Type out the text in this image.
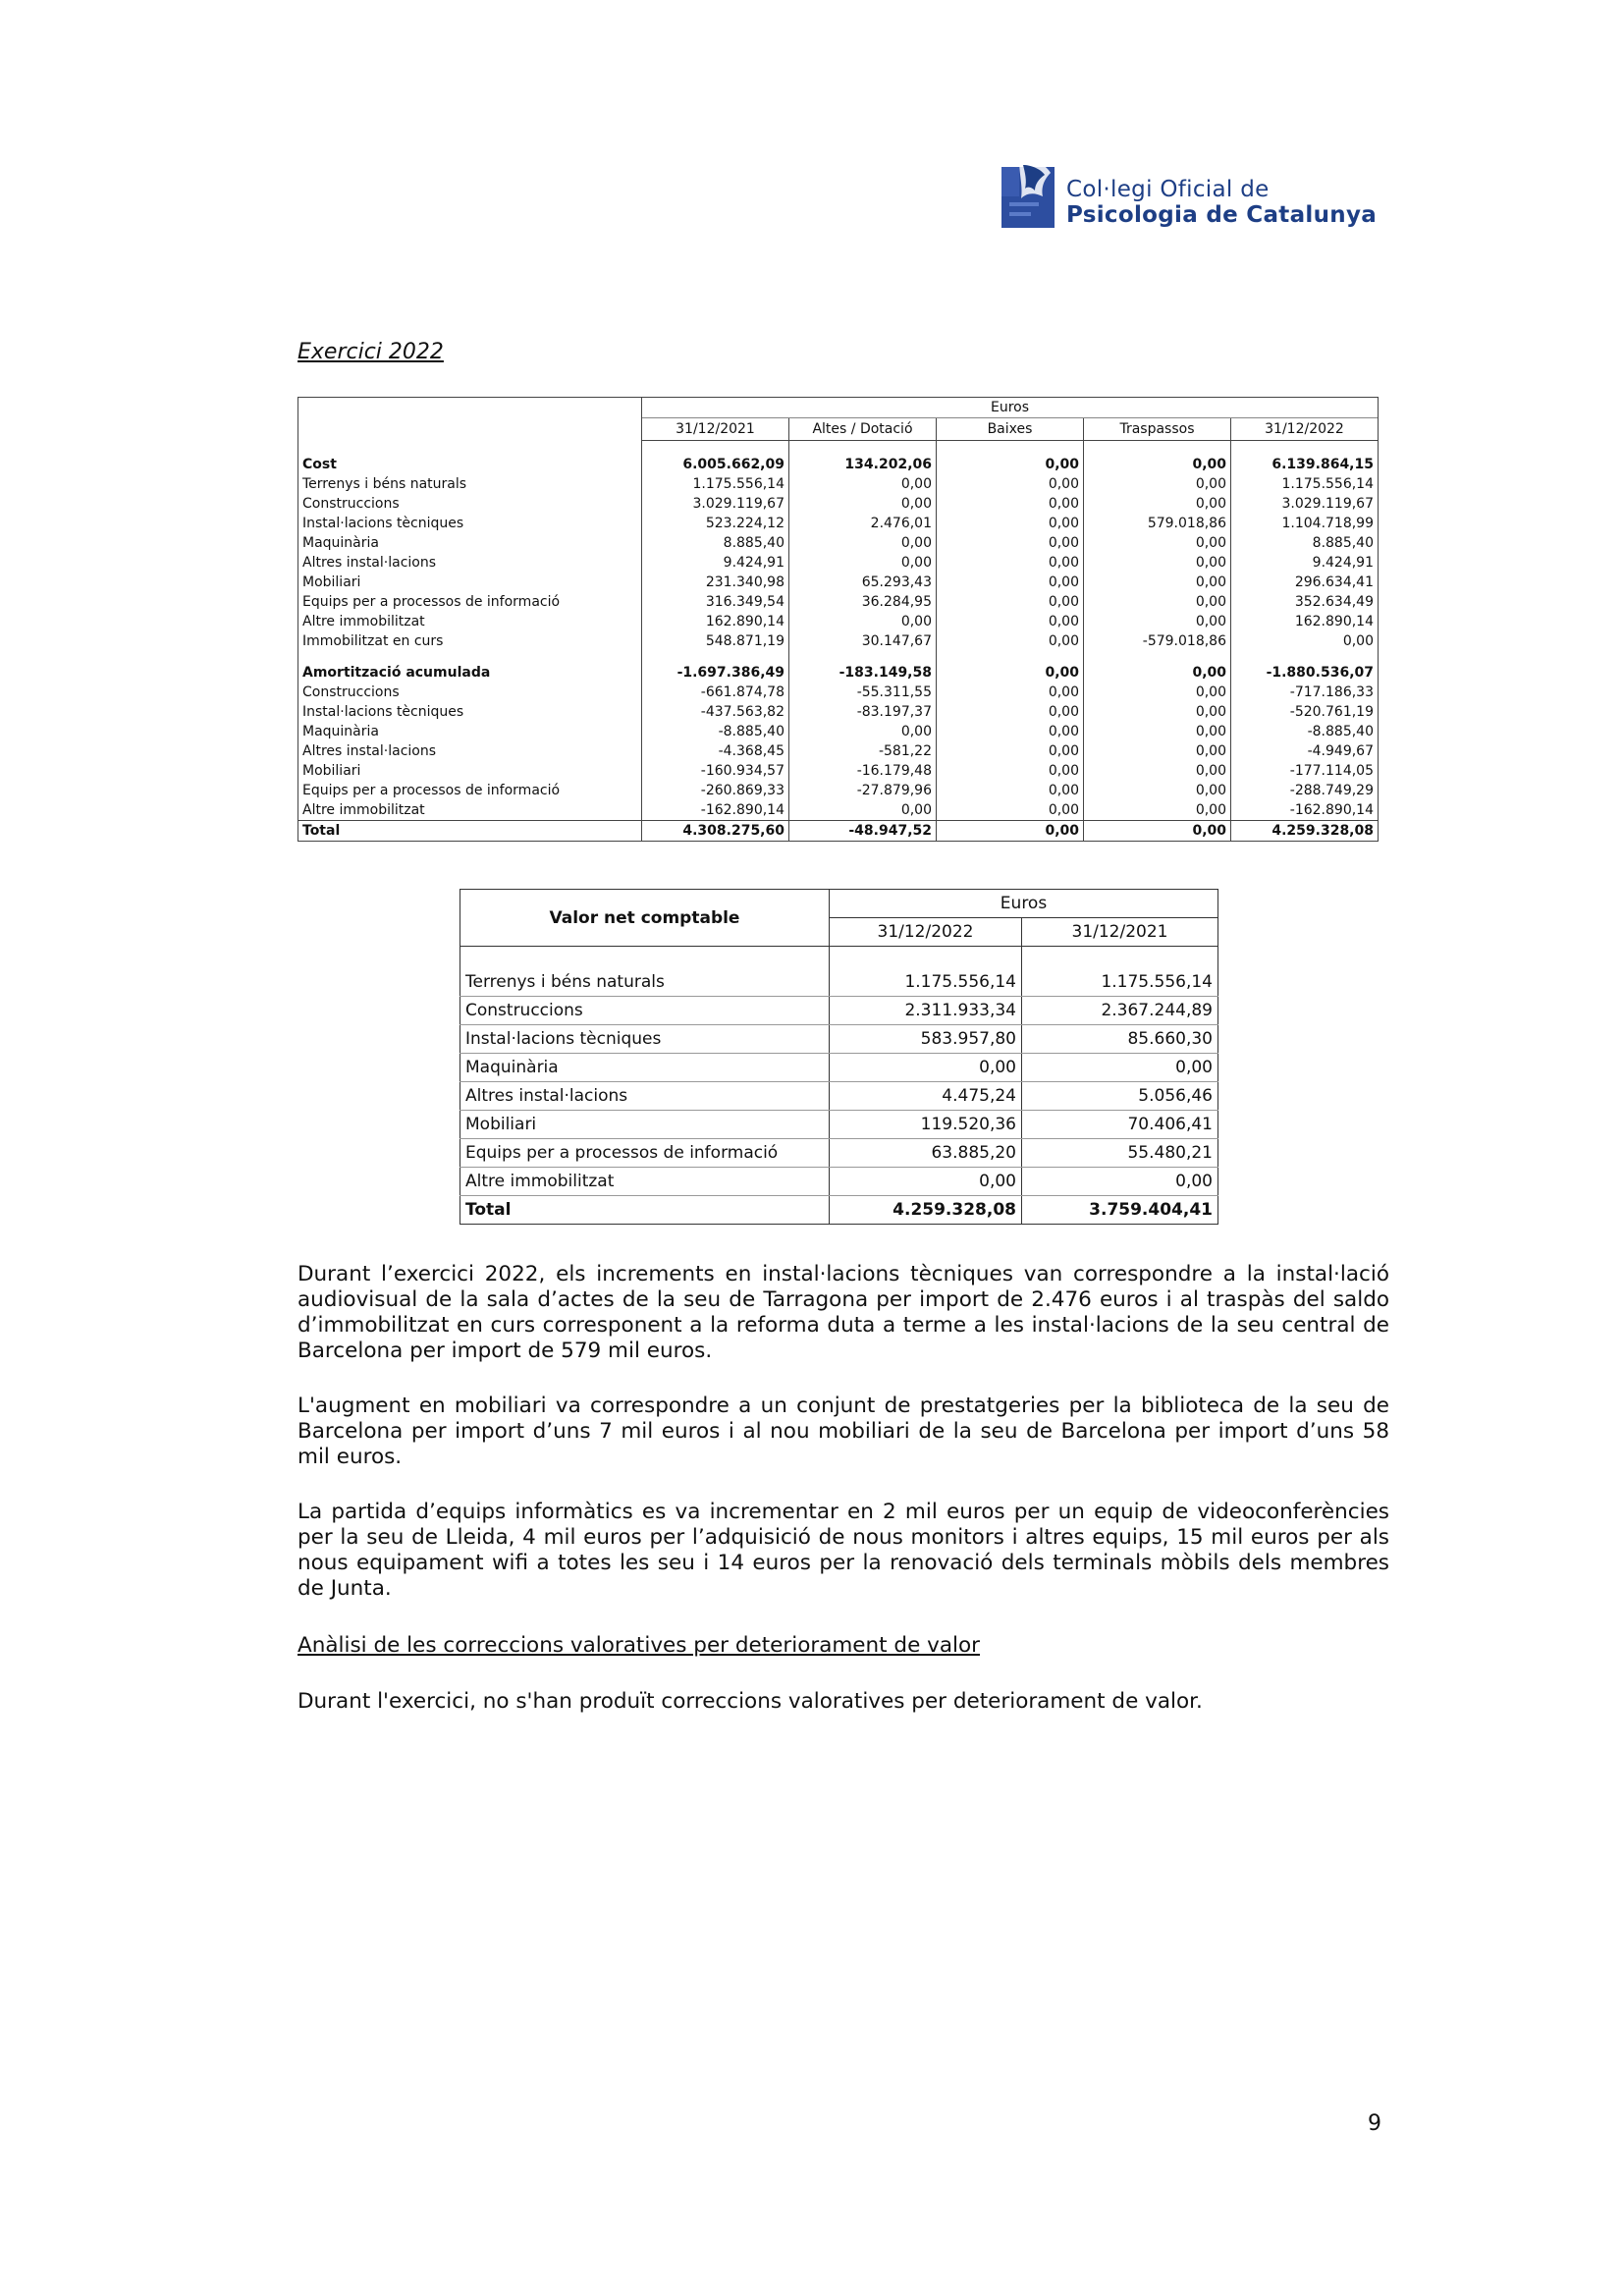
Col·legi Oficial de
Psicologia de Catalunya
Exercici 2022
	Euros				
	31/12/2021	Altes / Dotació	Baixes	Traspassos	31/12/2022

Cost	6.005.662,09	134.202,06	0,00	0,00	6.139.864,15
Terrenys i béns naturals	1.175.556,14	0,00	0,00	0,00	1.175.556,14
Construccions	3.029.119,67	0,00	0,00	0,00	3.029.119,67
Instal·lacions tècniques	523.224,12	2.476,01	0,00	579.018,86	1.104.718,99
Maquinària	8.885,40	0,00	0,00	0,00	8.885,40
Altres instal·lacions	9.424,91	0,00	0,00	0,00	9.424,91
Mobiliari	231.340,98	65.293,43	0,00	0,00	296.634,41
Equips per a processos de informació	316.349,54	36.284,95	0,00	0,00	352.634,49
Altre immobilitzat	162.890,14	0,00	0,00	0,00	162.890,14
Immobilitzat en curs	548.871,19	30.147,67	0,00	-579.018,86	0,00

Amortització acumulada	-1.697.386,49	-183.149,58	0,00	0,00	-1.880.536,07
Construccions	-661.874,78	-55.311,55	0,00	0,00	-717.186,33
Instal·lacions tècniques	-437.563,82	-83.197,37	0,00	0,00	-520.761,19
Maquinària	-8.885,40	0,00	0,00	0,00	-8.885,40
Altres instal·lacions	-4.368,45	-581,22	0,00	0,00	-4.949,67
Mobiliari	-160.934,57	-16.179,48	0,00	0,00	-177.114,05
Equips per a processos de informació	-260.869,33	-27.879,96	0,00	0,00	-288.749,29
Altre immobilitzat	-162.890,14	0,00	0,00	0,00	-162.890,14
Total	4.308.275,60	-48.947,52	0,00	0,00	4.259.328,08
Valor net comptable	Euros	
	31/12/2022	31/12/2021

Terrenys i béns naturals	1.175.556,14	1.175.556,14
Construccions	2.311.933,34	2.367.244,89
Instal·lacions tècniques	583.957,80	85.660,30
Maquinària	0,00	0,00
Altres instal·lacions	4.475,24	5.056,46
Mobiliari	119.520,36	70.406,41
Equips per a processos de informació	63.885,20	55.480,21
Altre immobilitzat	0,00	0,00
Total	4.259.328,08	3.759.404,41
Durant l’exercici 2022, els increments en instal·lacions tècniques van correspondre a la instal·lació audiovisual de la sala d’actes de la seu de Tarragona per import de 2.476 euros i al traspàs del saldo d’immobilitzat en curs corresponent a la reforma duta a terme a les instal·lacions de la seu central de Barcelona per import de 579 mil euros.
L'augment en mobiliari va correspondre a un conjunt de prestatgeries per la biblioteca de la seu de Barcelona per import d’uns 7 mil euros i al nou mobiliari de la seu de Barcelona per import d’uns 58 mil euros.
La partida d’equips informàtics es va incrementar en 2 mil euros per un equip de videoconferències per la seu de Lleida, 4 mil euros per l’adquisició de nous monitors i altres equips, 15 mil euros per als nous equipament wifi a totes les seu i 14 euros per la renovació dels terminals mòbils dels membres de Junta.
Anàlisi de les correccions valoratives per deteriorament de valor
Durant l'exercici, no s'han produït correccions valoratives per deteriorament de valor.
9
